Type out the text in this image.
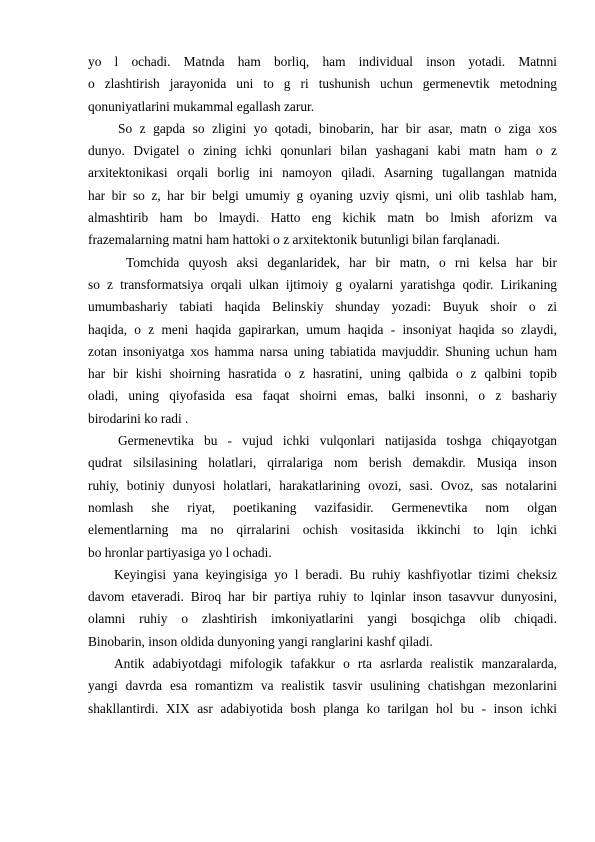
yo l ochadi. Matnda ham borliq, ham individual inson yotadi. Matnni
o zlashtirish jarayonida uni to g ri tushunish uchun germenevtik metodning
qonuniyatlarini mukammal egallash zarur.
So z gapda so zligini yo qotadi, binobarin, har bir asar, matn o ziga xos
dunyo. Dvigatel o zining ichki qonunlari bilan yashagani kabi matn ham o z
arxitektonikasi orqali borlig ini namoyon qiladi. Asarning tugallangan matnida
har bir so z, har bir belgi umumiy g oyaning uzviy qismi, uni olib tashlab ham,
almashtirib ham bo lmaydi. Hatto eng kichik matn bo lmish aforizm va
frazemalarning matni ham hattoki o z arxitektonik butunligi bilan farqlanadi.
Tomchida quyosh aksi deganlaridek, har bir matn, o rni kelsa har bir
so z transformatsiya orqali ulkan ijtimoiy g oyalarni yaratishga qodir. Lirikaning
umumbashariy tabiati haqida Belinskiy shunday yozadi: Buyuk shoir o zi
haqida, o z meni haqida gapirarkan, umum haqida - insoniyat haqida so zlaydi,
zotan insoniyatga xos hamma narsa uning tabiatida mavjuddir. Shuning uchun ham
har bir kishi shoirning hasratida o z hasratini, uning qalbida o z qalbini topib
oladi, uning qiyofasida esa faqat shoirni emas, balki insonni, o z bashariy
birodarini ko radi .
Germenevtika bu - vujud ichki vulqonlari natijasida toshga chiqayotgan
qudrat silsilasining holatlari, qirralariga nom berish demakdir. Musiqa inson
ruhiy, botiniy dunyosi holatlari, harakatlarining ovozi, sasi. Ovoz, sas notalarini
nomlash she riyat, poetikaning vazifasidir. Germenevtika nom olgan
elementlarning ma no qirralarini ochish vositasida ikkinchi to lqin ichki
bo hronlar partiyasiga yo l ochadi.
Keyingisi yana keyingisiga yo l beradi. Bu ruhiy kashfiyotlar tizimi cheksiz
davom etaveradi. Biroq har bir partiya ruhiy to lqinlar inson tasavvur dunyosini,
olamni ruhiy o zlashtirish imkoniyatlarini yangi bosqichga olib chiqadi.
Binobarin, inson oldida dunyoning yangi ranglarini kashf qiladi.
Antik adabiyotdagi mifologik tafakkur o rta asrlarda realistik manzaralarda,
yangi davrda esa romantizm va realistik tasvir usulining chatishgan mezonlarini
shakllantirdi. XIX asr adabiyotida bosh planga ko tarilgan hol bu - inson ichki
